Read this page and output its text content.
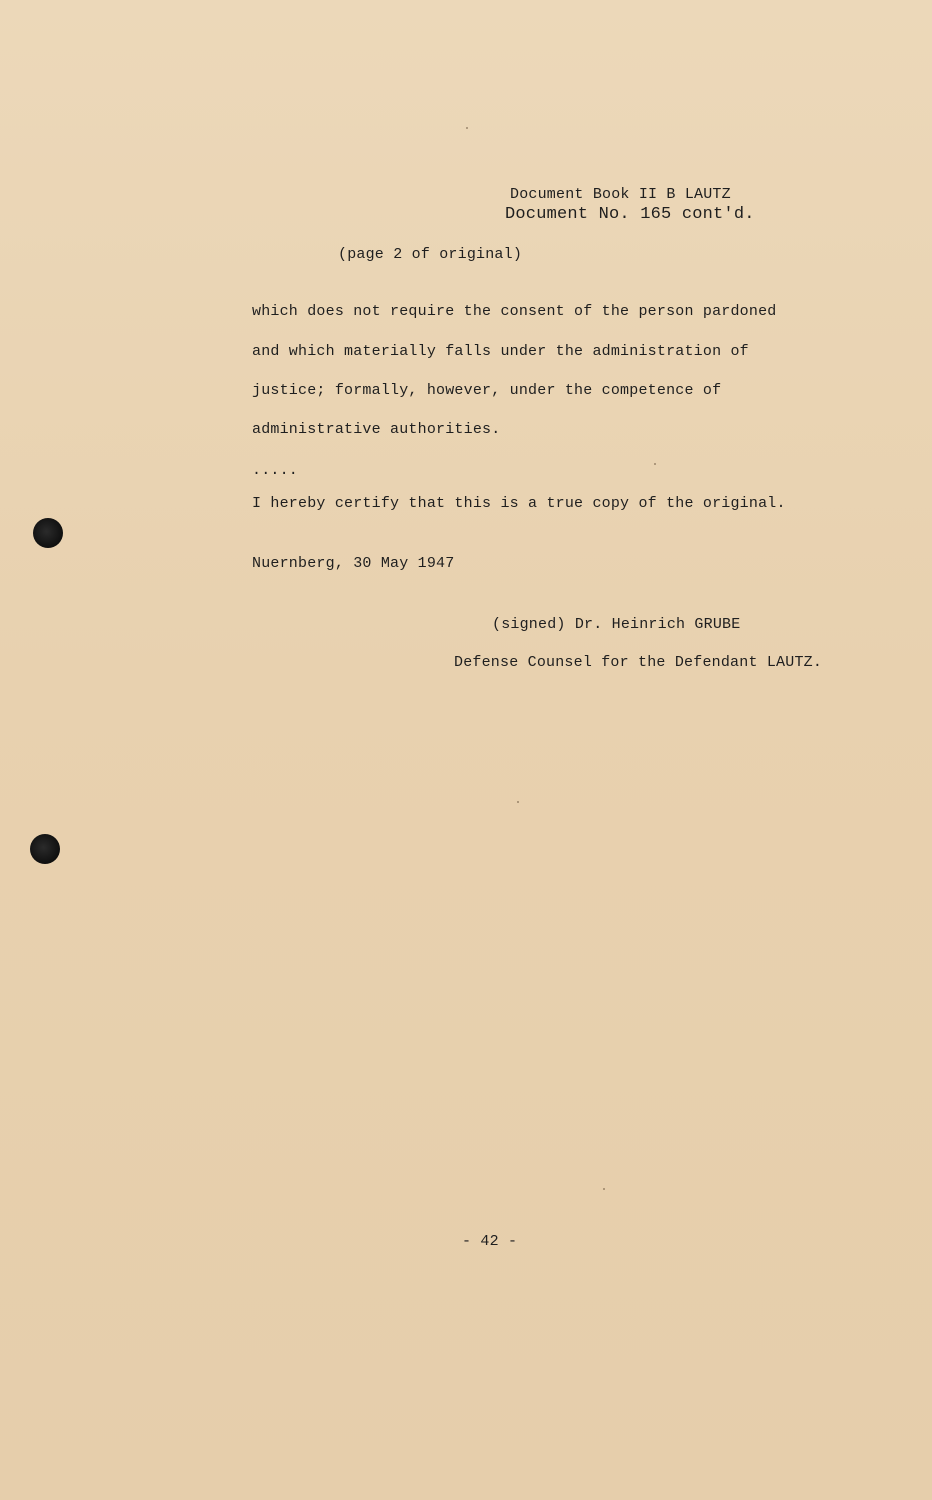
Document Book II B LAUTZ
Document No. 165 cont'd.
(page 2 of original)
which does not require the consent of the person pardoned
and which materially falls under the administration of
justice; formally, however, under the competence of
administrative authorities.
.....
I hereby certify that this is a true copy of the original.
Nuernberg, 30 May 1947
(signed) Dr. Heinrich GRUBE
Defense Counsel for the Defendant LAUTZ.
- 42 -
